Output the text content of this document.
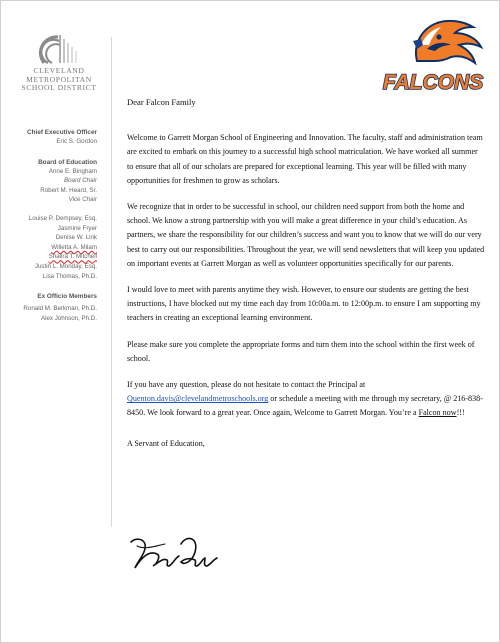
CLEVELAND
METROPOLITAN
SCHOOL DISTRICT
Chief Executive Officer
Eric S. Gordon
Board of Education
Anne E. Bingham
Board Chair
Robert M. Heard, Sr.
Vice Chair
Louise P. Dempsey, Esq.
Jasmine Fryer
Denise W. Link
Willetta A. Milam
Shalira T. Mitchell
Justin L. Monday, Esq.
Lisa Thomas, Ph.D.
Ex Officio Members
Ronald M. Berkman, Ph.D.
Alex Johnson, Ph.D.
FALCONS

Dear Falcon Family

Welcome to Garrett Morgan School of Engineering and Innovation. The faculty, staff and administration team are excited to embark on this journey to a successful high school matriculation. We have worked all summer to ensure that all of our scholars are prepared for exceptional learning. This year will be filled with many opportunities for freshmen to grow as scholars.

We recognize that in order to be successful in school, our children need support from both the home and school. We know a strong partnership with you will make a great difference in your child’s education. As partners, we share the responsibility for our children’s success and want you to know that we will do our very best to carry out our responsibilities. Throughout the year, we will send newsletters that will keep you updated on important events at Garrett Morgan as well as volunteer opportunities specifically for our parents.

I would love to meet with parents anytime they wish. However, to ensure our students are getting the best instructions, I have blocked out my time each day from 10:00a.m. to 12:00p.m. to ensure I am supporting my teachers in creating an exceptional learning environment.

Please make sure you complete the appropriate forms and turn them into the school within the first week of school.

If you have any question, please do not hesitate to contact the Principal at Quenton.davis@clevelandmetroschools.org or schedule a meeting with me through my secretary, @ 216-838-8450. We look forward to a great year. Once again, Welcome to Garrett Morgan. You’re a Falcon now!!!

A Servant of Education,
